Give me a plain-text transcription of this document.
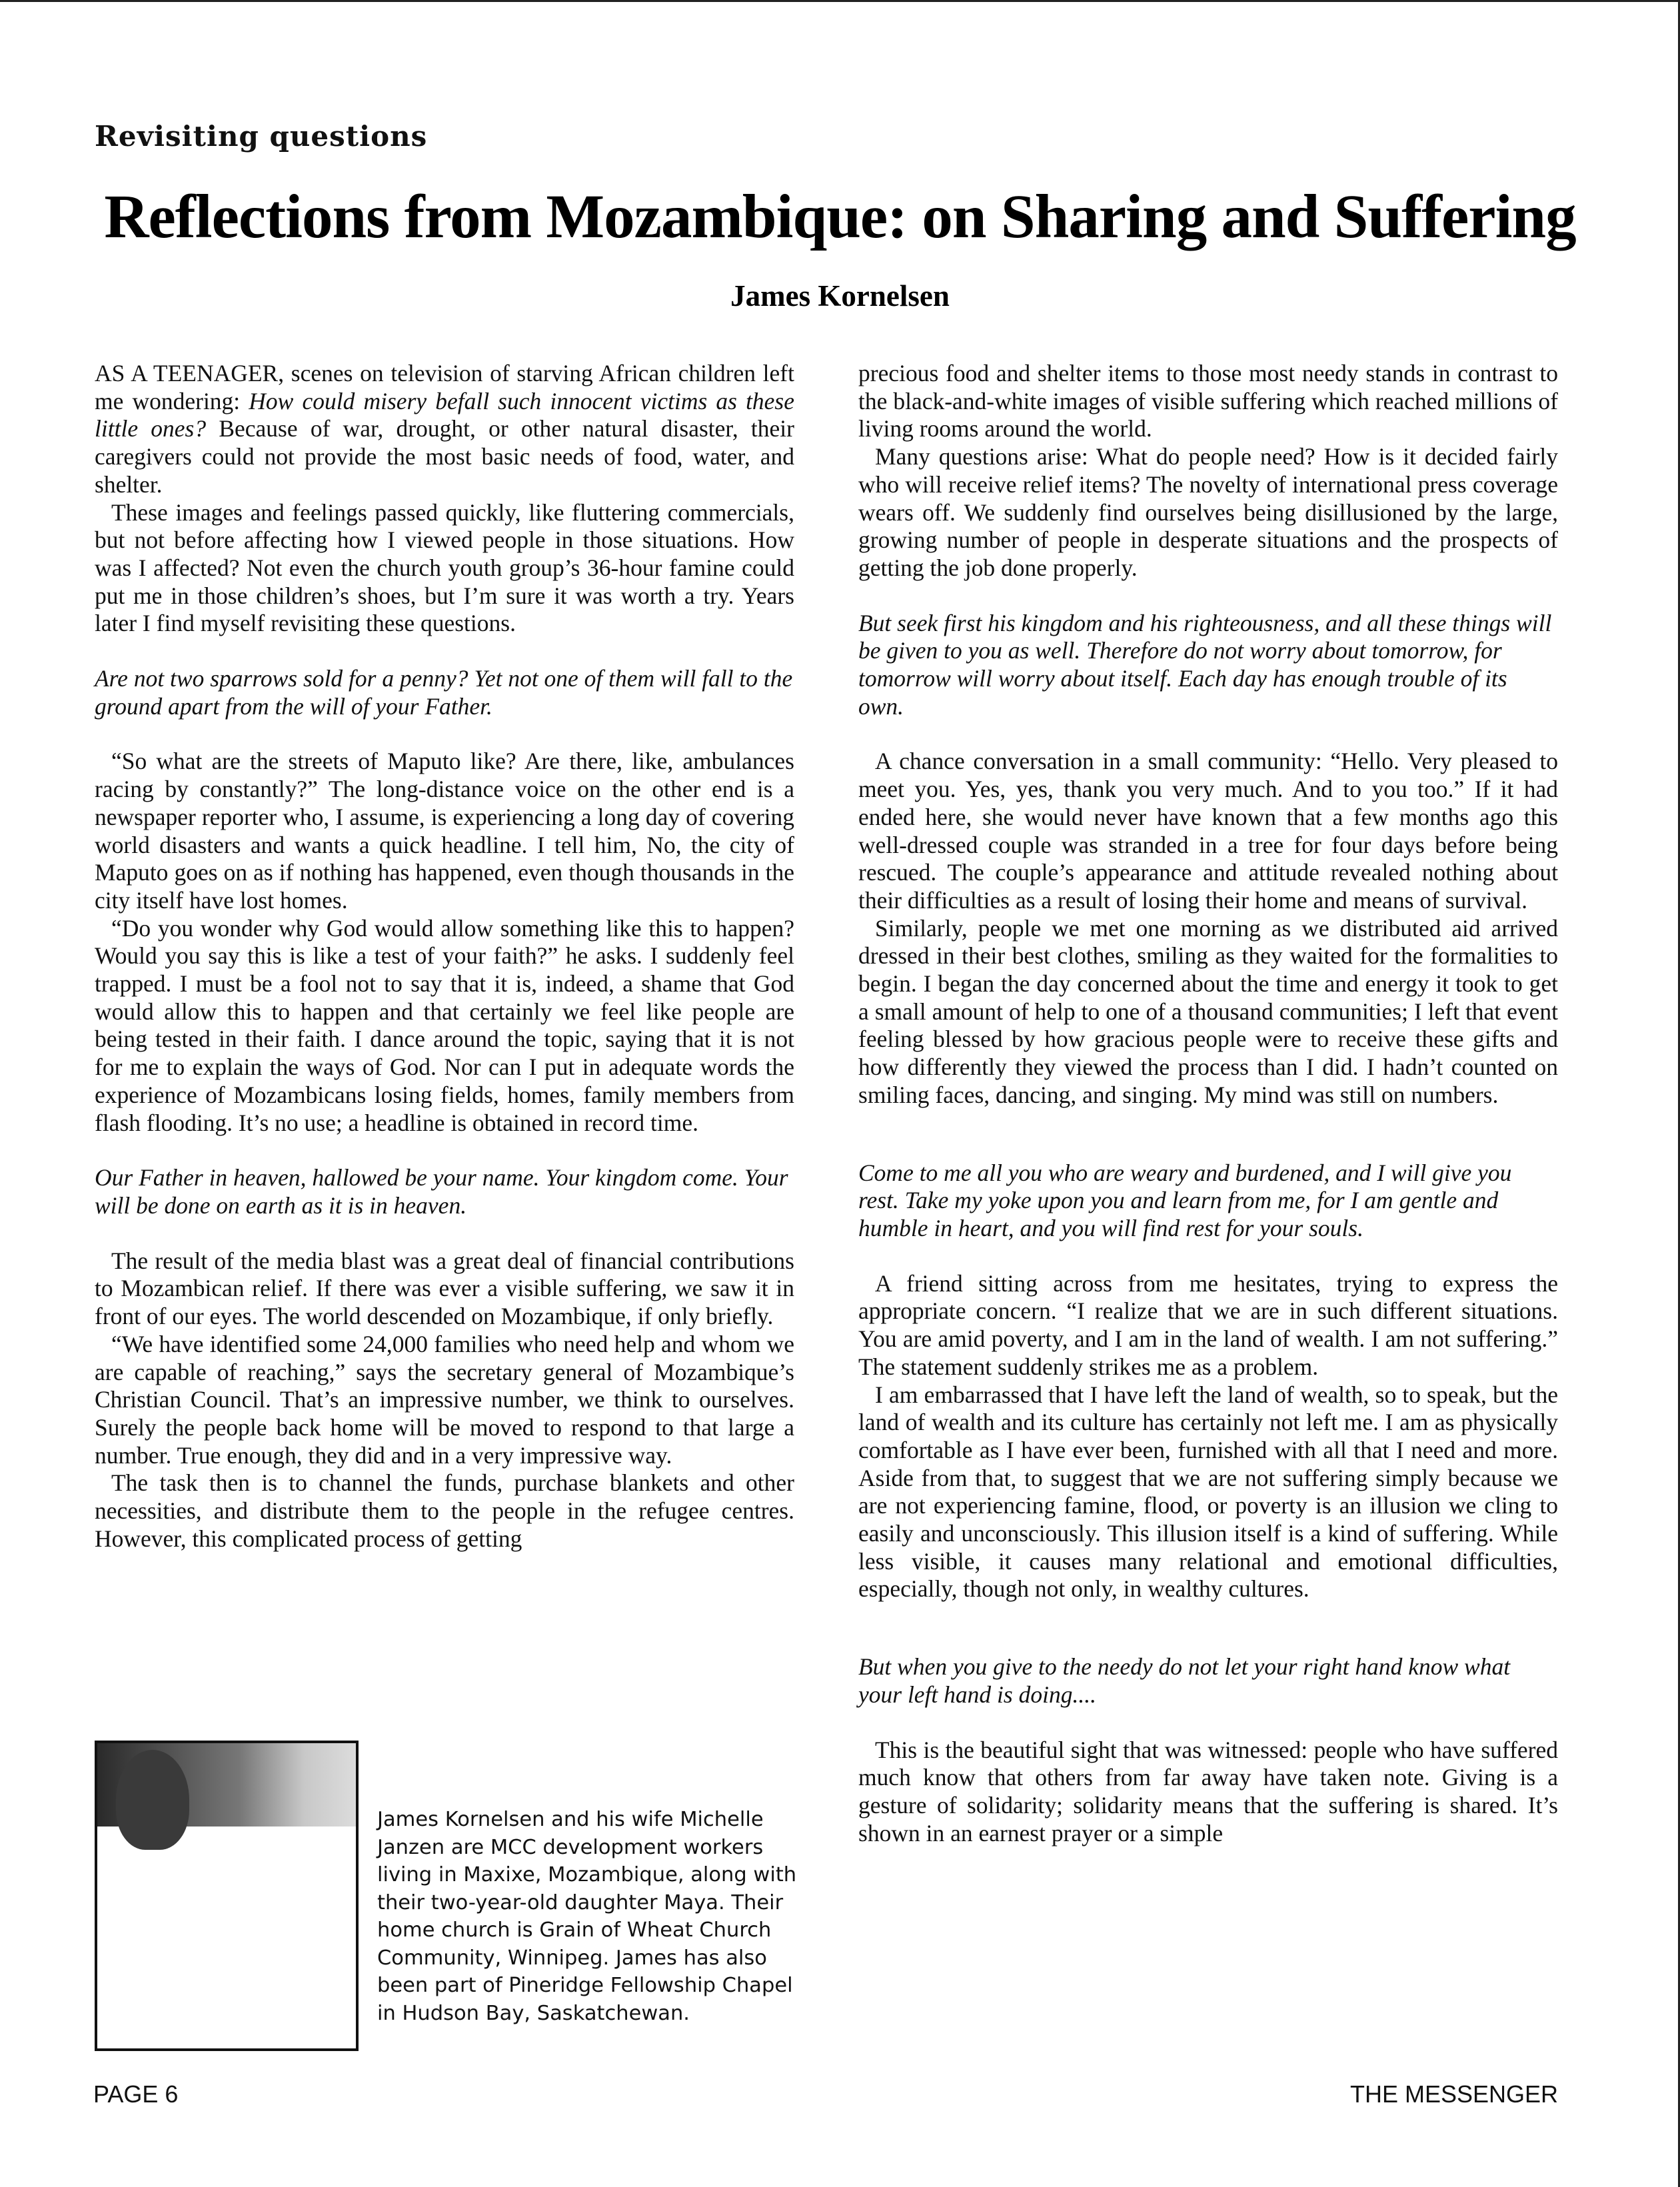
Revisiting questions
Reflections from Mozambique: on Sharing and Suffering
James Kornelsen

AS A TEENAGER, scenes on television of starving African children left me wondering: How could misery befall such innocent victims as these little ones? Because of war, drought, or other natural disaster, their caregivers could not provide the most basic needs of food, water, and shelter.

These images and feelings passed quickly, like fluttering commercials, but not before affecting how I viewed people in those situations. How was I affected? Not even the church youth group’s 36-hour famine could put me in those children’s shoes, but I’m sure it was worth a try. Years later I find myself revisiting these questions.

Are not two sparrows sold for a penny? Yet not one of them will fall to the ground apart from the will of your Father.

“So what are the streets of Maputo like? Are there, like, ambulances racing by constantly?” The long-distance voice on the other end is a newspaper reporter who, I assume, is experiencing a long day of covering world disasters and wants a quick headline. I tell him, No, the city of Maputo goes on as if nothing has happened, even though thousands in the city itself have lost homes.

“Do you wonder why God would allow something like this to happen? Would you say this is like a test of your faith?” he asks. I suddenly feel trapped. I must be a fool not to say that it is, indeed, a shame that God would allow this to happen and that certainly we feel like people are being tested in their faith. I dance around the topic, saying that it is not for me to explain the ways of God. Nor can I put in adequate words the experience of Mozambicans losing fields, homes, family members from flash flooding. It’s no use; a headline is obtained in record time.

Our Father in heaven, hallowed be your name. Your kingdom come. Your will be done on earth as it is in heaven.

The result of the media blast was a great deal of financial contributions to Mozambican relief. If there was ever a visible suffering, we saw it in front of our eyes. The world descended on Mozambique, if only briefly.

“We have identified some 24,000 families who need help and whom we are capable of reaching,” says the secretary general of Mozambique’s Christian Council. That’s an impressive number, we think to ourselves. Surely the people back home will be moved to respond to that large a number. True enough, they did and in a very impressive way.

The task then is to channel the funds, purchase blankets and other necessities, and distribute them to the people in the refugee centres. However, this complicated process of getting

precious food and shelter items to those most needy stands in contrast to the black-and-white images of visible suffering which reached millions of living rooms around the world.

Many questions arise: What do people need? How is it decided fairly who will receive relief items? The novelty of international press coverage wears off. We suddenly find ourselves being disillusioned by the large, growing number of people in desperate situations and the prospects of getting the job done properly.

But seek first his kingdom and his righteousness, and all these things will be given to you as well. Therefore do not worry about tomorrow, for tomorrow will worry about itself. Each day has enough trouble of its own.

A chance conversation in a small community: “Hello. Very pleased to meet you. Yes, yes, thank you very much. And to you too.” If it had ended here, she would never have known that a few months ago this well-dressed couple was stranded in a tree for four days before being rescued. The couple’s appearance and attitude revealed nothing about their difficulties as a result of losing their home and means of survival.

Similarly, people we met one morning as we distributed aid arrived dressed in their best clothes, smiling as they waited for the formalities to begin. I began the day concerned about the time and energy it took to get a small amount of help to one of a thousand communities; I left that event feeling blessed by how gracious people were to receive these gifts and how differently they viewed the process than I did. I hadn’t counted on smiling faces, dancing, and singing. My mind was still on numbers.

Come to me all you who are weary and burdened, and I will give you rest. Take my yoke upon you and learn from me, for I am gentle and humble in heart, and you will find rest for your souls.

A friend sitting across from me hesitates, trying to express the appropriate concern. “I realize that we are in such different situations. You are amid poverty, and I am in the land of wealth. I am not suffering.” The statement suddenly strikes me as a problem.

I am embarrassed that I have left the land of wealth, so to speak, but the land of wealth and its culture has certainly not left me. I am as physically comfortable as I have ever been, furnished with all that I need and more. Aside from that, to suggest that we are not suffering simply because we are not experiencing famine, flood, or poverty is an illusion we cling to easily and unconsciously. This illusion itself is a kind of suffering. While less visible, it causes many relational and emotional difficulties, especially, though not only, in wealthy cultures.

But when you give to the needy do not let your right hand know what your left hand is doing....

This is the beautiful sight that was witnessed: people who have suffered much know that others from far away have taken note. Giving is a gesture of solidarity; solidarity means that the suffering is shared. It’s shown in an earnest prayer or a simple

James Kornelsen and his wife Michelle Janzen are MCC development workers living in Maxixe, Mozambique, along with their two-year-old daughter Maya. Their home church is Grain of Wheat Church Community, Winnipeg. James has also been part of Pineridge Fellowship Chapel in Hudson Bay, Saskatchewan.
PAGE 6	THE MESSENGER
